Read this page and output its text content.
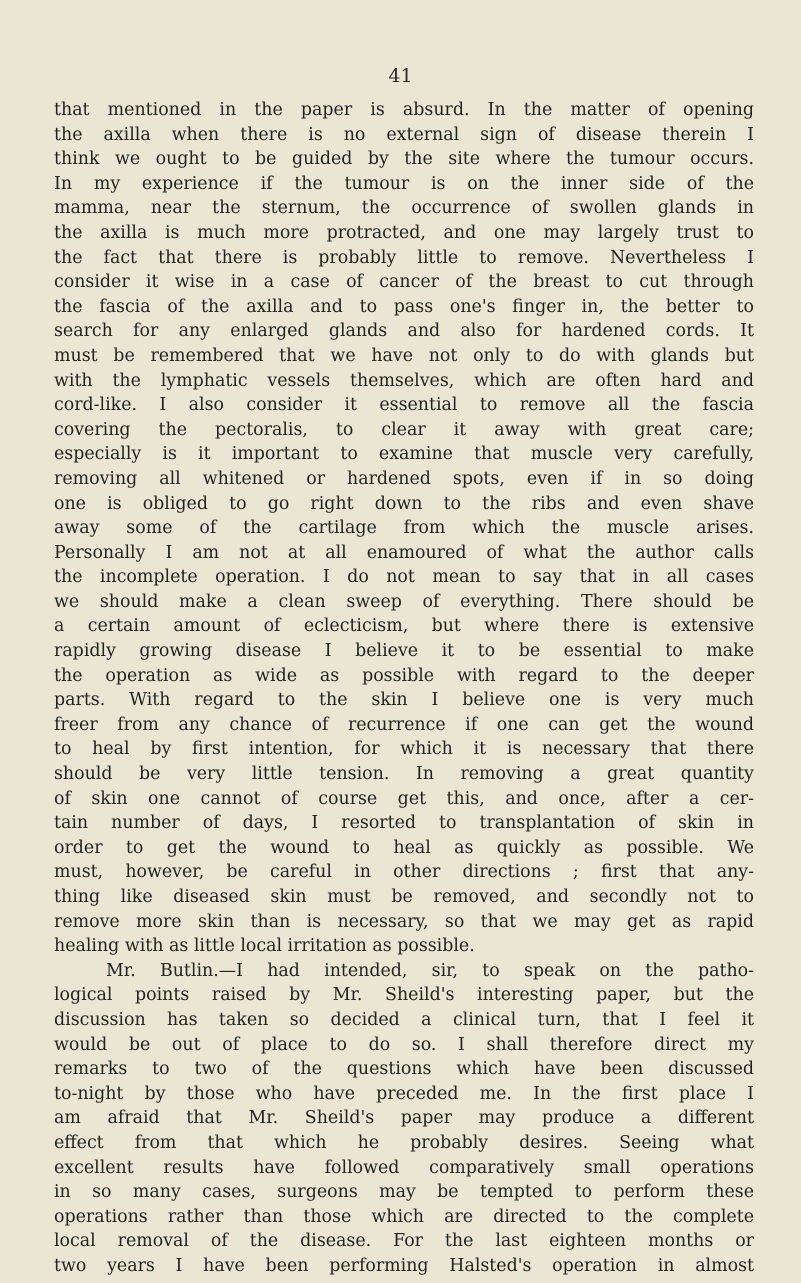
41
that mentioned in the paper is absurd. In the matter of opening
the axilla when there is no external sign of disease therein I
think we ought to be guided by the site where the tumour occurs.
In my experience if the tumour is on the inner side of the
mamma, near the sternum, the occurrence of swollen glands in
the axilla is much more protracted, and one may largely trust to
the fact that there is probably little to remove. Nevertheless I
consider it wise in a case of cancer of the breast to cut through
the fascia of the axilla and to pass one's finger in, the better to
search for any enlarged glands and also for hardened cords. It
must be remembered that we have not only to do with glands but
with the lymphatic vessels themselves, which are often hard and
cord-like. I also consider it essential to remove all the fascia
covering the pectoralis, to clear it away with great care;
especially is it important to examine that muscle very carefully,
removing all whitened or hardened spots, even if in so doing
one is obliged to go right down to the ribs and even shave
away some of the cartilage from which the muscle arises.
Personally I am not at all enamoured of what the author calls
the incomplete operation. I do not mean to say that in all cases
we should make a clean sweep of everything. There should be
a certain amount of eclecticism, but where there is extensive
rapidly growing disease I believe it to be essential to make
the operation as wide as possible with regard to the deeper
parts. With regard to the skin I believe one is very much
freer from any chance of recurrence if one can get the wound
to heal by first intention, for which it is necessary that there
should be very little tension. In removing a great quantity
of skin one cannot of course get this, and once, after a cer-
tain number of days, I resorted to transplantation of skin in
order to get the wound to heal as quickly as possible. We
must, however, be careful in other directions ; first that any-
thing like diseased skin must be removed, and secondly not to
remove more skin than is necessary, so that we may get as rapid
healing with as little local irritation as possible.
Mr. Butlin.—I had intended, sir, to speak on the patho-
logical points raised by Mr. Sheild's interesting paper, but the
discussion has taken so decided a clinical turn, that I feel it
would be out of place to do so. I shall therefore direct my
remarks to two of the questions which have been discussed
to-night by those who have preceded me. In the first place I
am afraid that Mr. Sheild's paper may produce a different
effect from that which he probably desires. Seeing what
excellent results have followed comparatively small operations
in so many cases, surgeons may be tempted to perform these
operations rather than those which are directed to the complete
local removal of the disease. For the last eighteen months or
two years I have been performing Halsted's operation in almost
